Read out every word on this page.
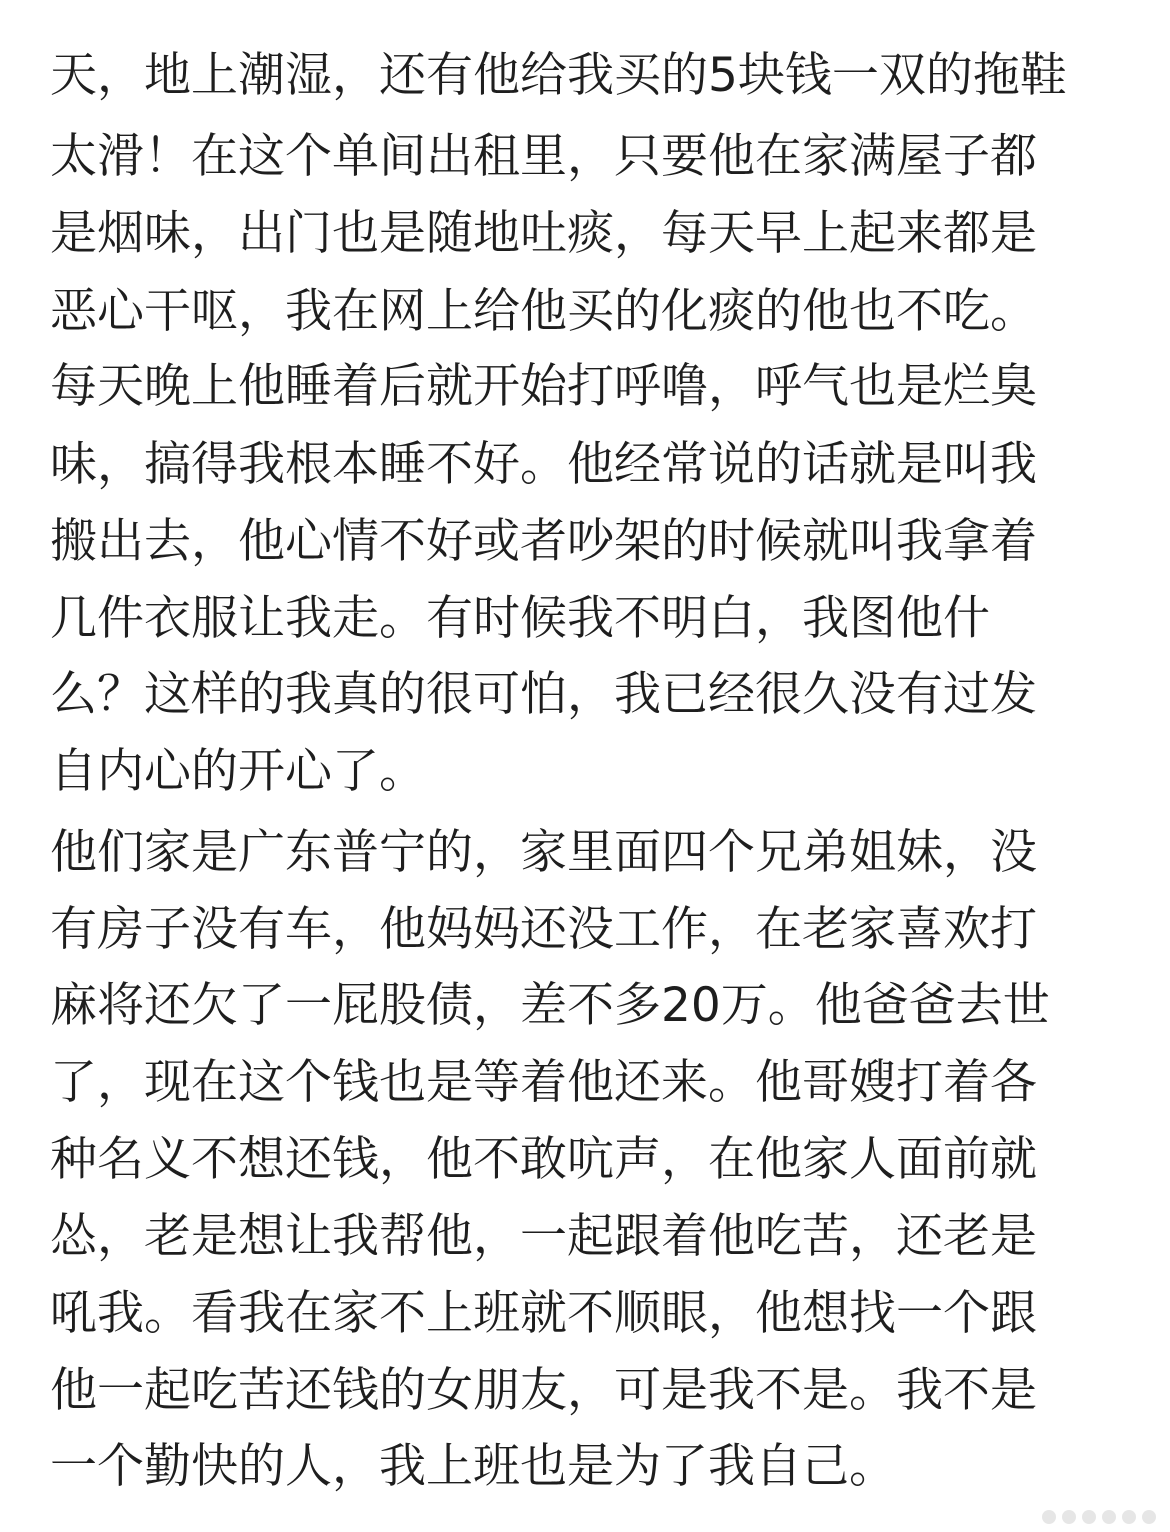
天，地上潮湿，还有他给我买的5块钱一双的拖鞋
太滑！在这个单间出租里，只要他在家满屋子都
是烟味，出门也是随地吐痰，每天早上起来都是
恶心干呕，我在网上给他买的化痰的他也不吃。
每天晚上他睡着后就开始打呼噜，呼气也是烂臭
味，搞得我根本睡不好。他经常说的话就是叫我
搬出去，他心情不好或者吵架的时候就叫我拿着
几件衣服让我走。有时候我不明白，我图他什
么？这样的我真的很可怕，我已经很久没有过发
自内心的开心了。
他们家是广东普宁的，家里面四个兄弟姐妹，没
有房子没有车，他妈妈还没工作，在老家喜欢打
麻将还欠了一屁股债，差不多20万。他爸爸去世
了，现在这个钱也是等着他还来。他哥嫂打着各
种名义不想还钱，他不敢吭声，在他家人面前就
怂，老是想让我帮他，一起跟着他吃苦，还老是
吼我。看我在家不上班就不顺眼，他想找一个跟
他一起吃苦还钱的女朋友，可是我不是。我不是
一个勤快的人，我上班也是为了我自己。
